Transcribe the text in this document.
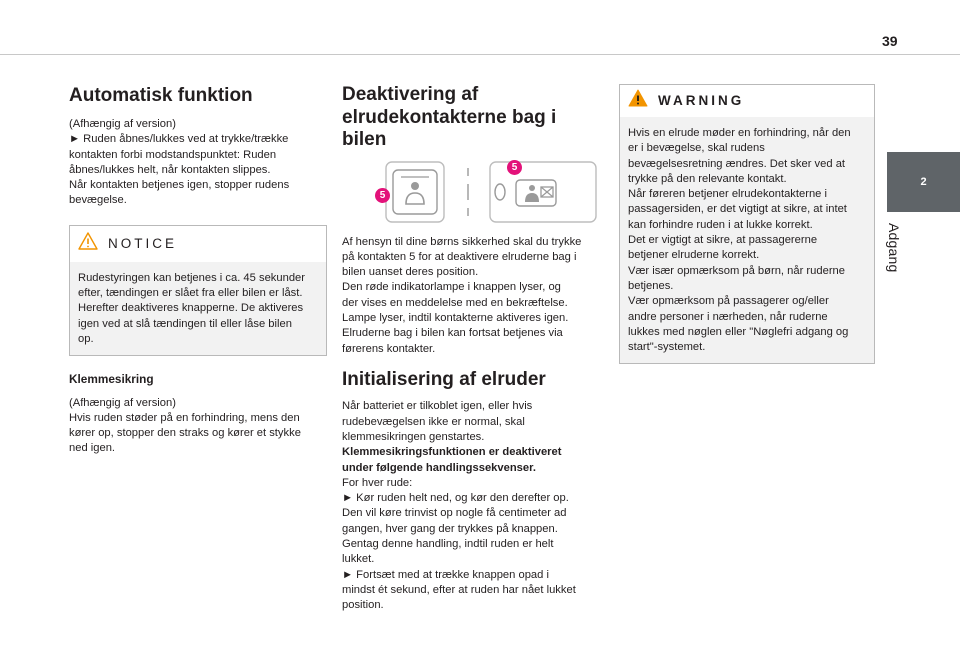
39
2
Adgang
Automatisk funktion

(Afhængig af version)
► Ruden åbnes/lukkes ved at trykke/trække
kontakten forbi modstandspunktet: Ruden
åbnes/lukkes helt, når kontakten slippes.
Når kontakten betjenes igen, stopper rudens
bevægelse.

NOTICE
Rudestyringen kan betjenes i ca. 45 sekunder
efter, tændingen er slået fra eller bilen er låst.
Herefter deaktiveres knapperne. De aktiveres
igen ved at slå tændingen til eller låse bilen
op.
Klemmesikring

(Afhængig af version)
Hvis ruden støder på en forhindring, mens den
kører op, stopper den straks og kører et stykke
ned igen.

Deaktivering af
elrudekontakterne bag i
bilen
5
5

Af hensyn til dine børns sikkerhed skal du trykke
på kontakten 5 for at deaktivere elruderne bag i
bilen uanset deres position.
Den røde indikatorlampe i knappen lyser, og
der vises en meddelelse med en bekræftelse.
Lampe lyser, indtil kontakterne aktiveres igen.
Elruderne bag i bilen kan fortsat betjenes via
førerens kontakter.

Initialisering af elruder

Når batteriet er tilkoblet igen, eller hvis
rudebevægelsen ikke er normal, skal
klemmesikringen genstartes.
Klemmesikringsfunktionen er deaktiveret
under følgende handlingssekvenser.
For hver rude:
► Kør ruden helt ned, og kør den derefter op.
Den vil køre trinvist op nogle få centimeter ad
gangen, hver gang der trykkes på knappen.
Gentag denne handling, indtil ruden er helt
lukket.
► Fortsæt med at trække knappen opad i
mindst ét sekund, efter at ruden har nået lukket
position.

WARNING
Hvis en elrude møder en forhindring, når den
er i bevægelse, skal rudens
bevægelsesretning ændres. Det sker ved at
trykke på den relevante kontakt.
Når føreren betjener elrudekontakterne i
passagersiden, er det vigtigt at sikre, at intet
kan forhindre ruden i at lukke korrekt.
Det er vigtigt at sikre, at passagererne
betjener elruderne korrekt.
Vær især opmærksom på børn, når ruderne
betjenes.
Vær opmærksom på passagerer og/eller
andre personer i nærheden, når ruderne
lukkes med nøglen eller "Nøglefri adgang og
start"-systemet.
